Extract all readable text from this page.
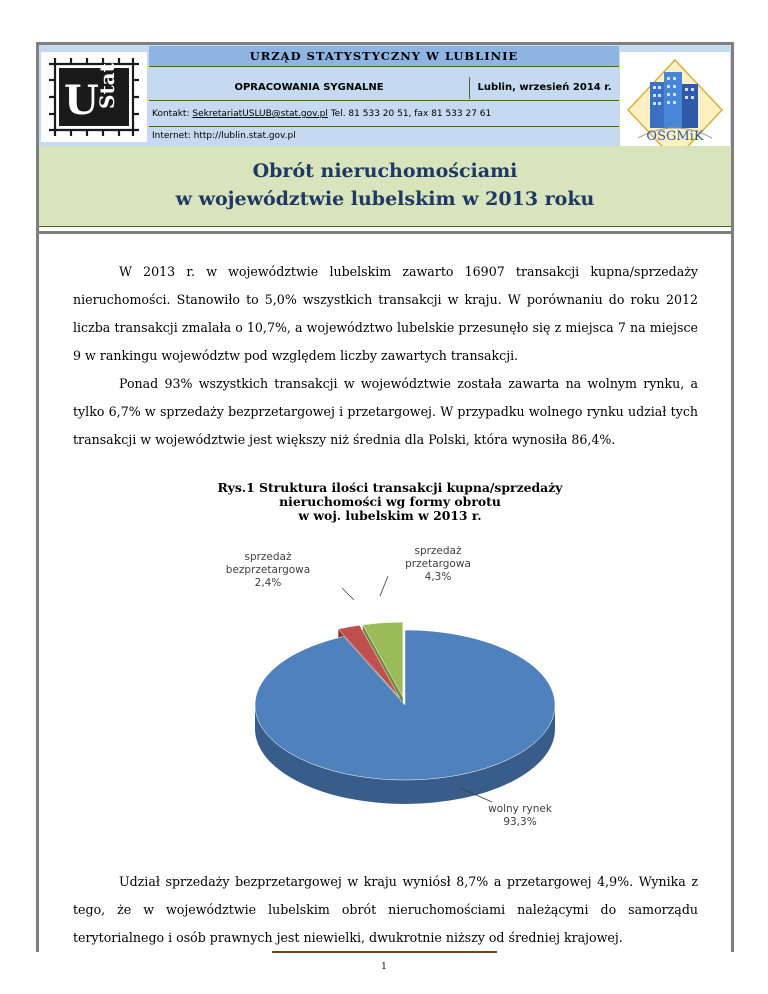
U
Stat
OSGMiK
URZĄD STATYSTYCZNY W LUBLINIE
OPRACOWANIA SYGNALNE	Lublin, wrzesień 2014 r.
Kontakt: SekretariatUSLUB@stat.gov.pl Tel. 81 533 20 51, fax 81 533 27 61
Internet: http://lublin.stat.gov.pl
Obrót nieruchomościami
w województwie lubelskim w 2013 roku
W 2013 r. w województwie lubelskim zawarto 16907 transakcji kupna/sprzedaży nieruchomości. Stanowiło to 5,0% wszystkich transakcji w kraju. W porównaniu do roku 2012 liczba transakcji zmalała o 10,7%, a województwo lubelskie przesunęło się z miejsca 7 na miejsce 9 w rankingu województw pod względem liczby zawartych transakcji.
Ponad 93% wszystkich transakcji w województwie została zawarta na wolnym rynku, a tylko 6,7% w sprzedaży bezprzetargowej i przetargowej. W przypadku wolnego rynku udział tych transakcji w województwie jest większy niż średnia dla Polski, która wynosiła 86,4%.
Rys.1 Struktura ilości transakcji kupna/sprzedaży
nieruchomości wg formy obrotu
w woj. lubelskim w 2013 r.
wolny rynek
93,3%
sprzedaż
bezprzetargowa
2,4%
sprzedaż
przetargowa
4,3%
Udział sprzedaży bezprzetargowej w kraju wyniósł 8,7% a przetargowej 4,9%. Wynika z tego, że w województwie lubelskim obrót nieruchomościami należącymi do samorządu terytorialnego i osób prawnych jest niewielki, dwukrotnie niższy od średniej krajowej.
1
